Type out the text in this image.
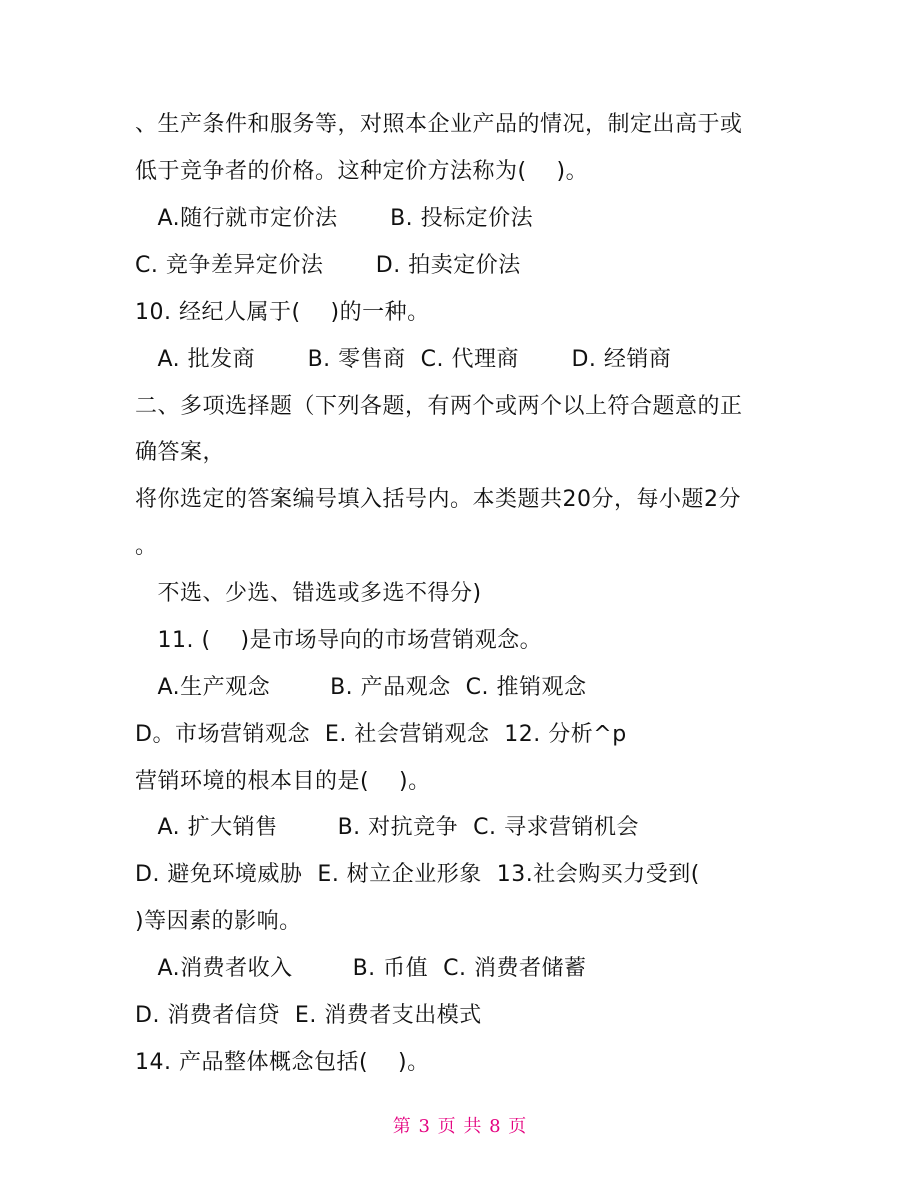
、生产条件和服务等，对照本企业产品的情况，制定出高于或
低于竞争者的价格。这种定价方法称为(    )。
A.随行就市定价法       B. 投标定价法
C. 竞争差异定价法       D. 拍卖定价法
10. 经纪人属于(    )的一种。
A. 批发商       B. 零售商  C. 代理商       D. 经销商
二、多项选择题（下列各题，有两个或两个以上符合题意的正
确答案，
将你选定的答案编号填入括号内。本类题共20分，每小题2分
。
不选、少选、错选或多选不得分)
11. (    )是市场导向的市场营销观念。
A.生产观念        B. 产品观念  C. 推销观念
D。市场营销观念  E. 社会营销观念  12. 分析^p
营销环境的根本目的是(    )。
A. 扩大销售        B. 对抗竞争  C. 寻求营销机会
D. 避免环境威胁  E. 树立企业形象  13.社会购买力受到(
)等因素的影响。
A.消费者收入        B. 币值  C. 消费者储蓄
D. 消费者信贷  E. 消费者支出模式
14. 产品整体概念包括(    )。
第 3 页 共 8 页
